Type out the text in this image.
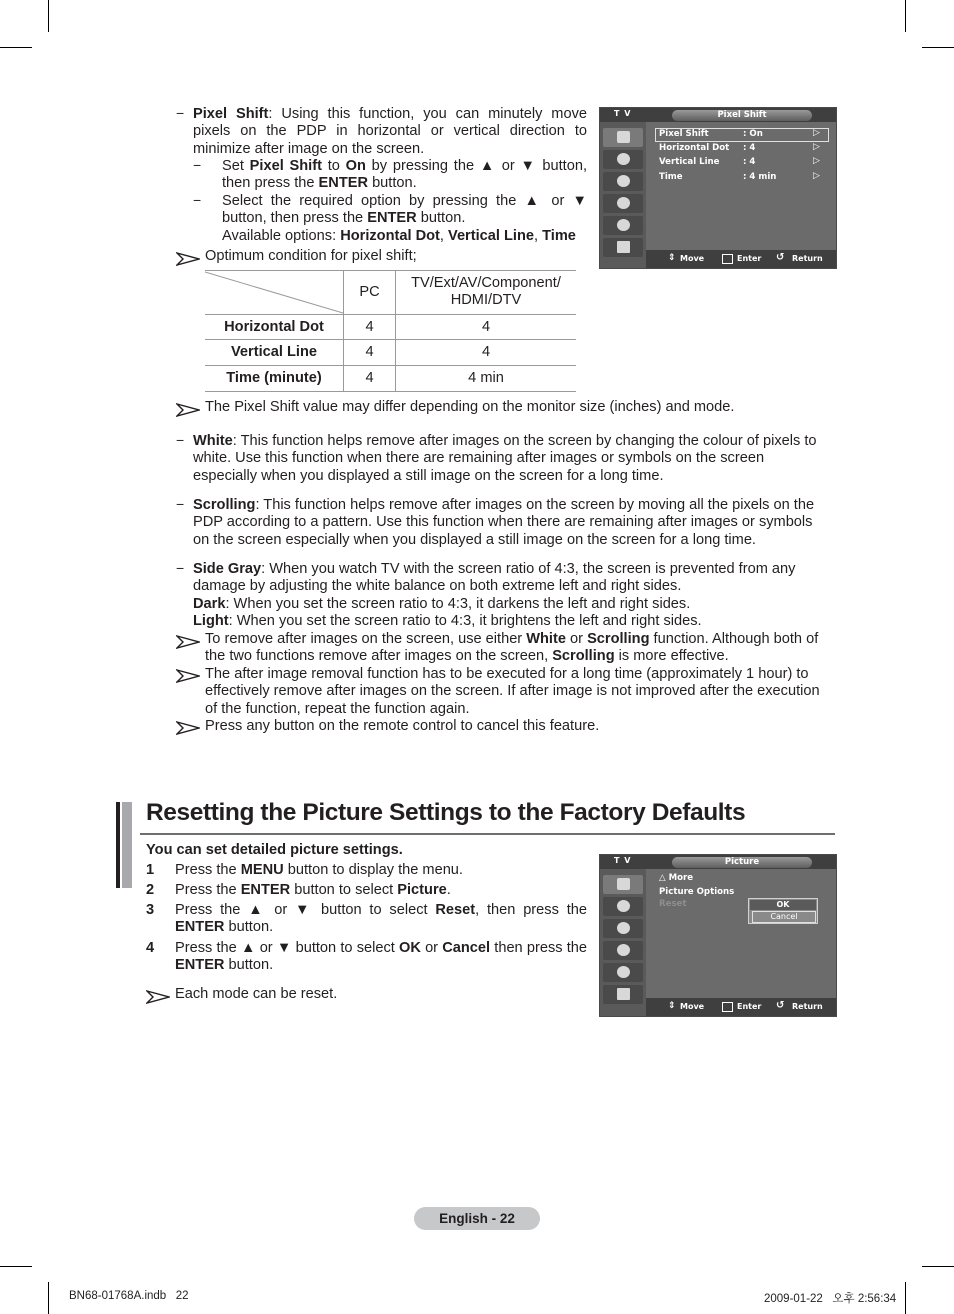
− Pixel Shift: Using this function, you can minutely move pixels on the PDP in horizontal or vertical direction to minimize after image on the screen.
− Set Pixel Shift to On by pressing the ▲ or ▼ button, then press the ENTER button.
− Select the required option by pressing the ▲ or ▼ button, then press the ENTER button.
Available options: Horizontal Dot, Vertical Line, Time
Optimum condition for pixel shift;
	PC	TV/Ext/AV/Component/ HDMI/DTV
Horizontal Dot	4	4
Vertical Line	4	4
Time (minute)	4	4 min
The Pixel Shift value may differ depending on the monitor size (inches) and mode.
− White: This function helps remove after images on the screen by changing the colour of pixels to white. Use this function when there are remaining after images or symbols on the screen especially when you displayed a still image on the screen for a long time.
− Scrolling: This function helps remove after images on the screen by moving all the pixels on the PDP according to a pattern. Use this function when there are remaining after images or symbols on the screen especially when you displayed a still image on the screen for a long time.
− Side Gray: When you watch TV with the screen ratio of 4:3, the screen is prevented from any damage by adjusting the white balance on both extreme left and right sides.
Dark: When you set the screen ratio to 4:3, it darkens the left and right sides.
Light: When you set the screen ratio to 4:3, it brightens the left and right sides.
To remove after images on the screen, use either White or Scrolling function. Although both of the two functions remove after images on the screen, Scrolling is more effective.
The after image removal function has to be executed for a long time (approximately 1 hour) to effectively remove after images on the screen. If after image is not improved after the execution of the function, repeat the function again.
Press any button on the remote control to cancel this feature.
Resetting the Picture Settings to the Factory Defaults
You can set detailed picture settings.
1 Press the MENU button to display the menu.
2 Press the ENTER button to select Picture.
3 Press the ▲ or ▼ button to select Reset, then press the ENTER button.
4 Press the ▲ or ▼ button to select OK or Cancel then press the ENTER button.
Each mode can be reset.
T V	Pixel Shift
Pixel Shift	: On	▷
Horizontal Dot : 4	▷
Vertical Line	: 4	▷
Time	: 4 min	▷
⇕ Move	Enter ↺ Return
T V	Picture
△ More
Picture Options
Reset	OK
Cancel
⇕ Move	Enter ↺ Return
English - 22
BN68-01768A.indb   22	2009-01-22   오후 2:56:34
